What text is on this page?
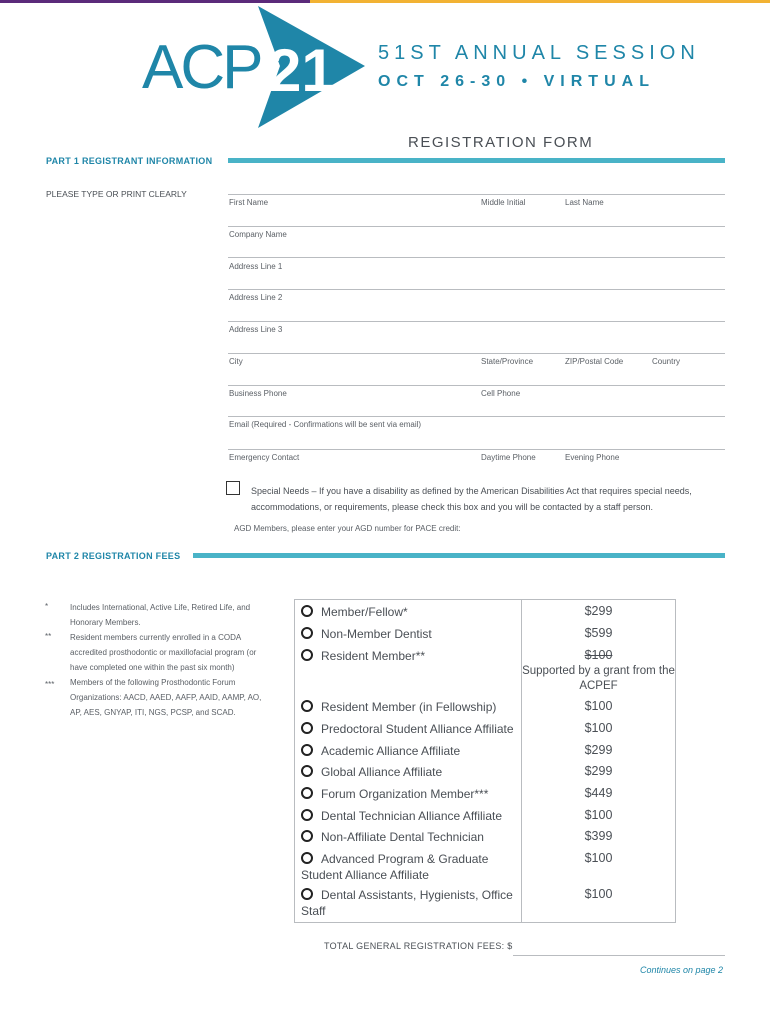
ACP 21 51ST ANNUAL SESSION
OCT 26-30 • VIRTUAL
REGISTRATION FORM
PART 1 REGISTRANT INFORMATION
PLEASE TYPE OR PRINT CLEARLY
First Name	Middle Initial	Last Name
Company Name
Address Line 1
Address Line 2
Address Line 3
City	State/Province	ZIP/Postal Code	Country
Business Phone	Cell Phone
Email (Required - Confirmations will be sent via email)
Emergency Contact	Daytime Phone	Evening Phone
Special Needs – If you have a disability as defined by the American Disabilities Act that requires special needs, accommodations, or requirements, please check this box and you will be contacted by a staff person.
AGD Members, please enter your AGD number for PACE credit:
PART 2 REGISTRATION FEES
*	Includes International, Active Life, Retired Life, and Honorary Members.
** Resident members currently enrolled in a CODA accredited prosthodontic or maxillofacial program (or have completed one within the past six month)
*** Members of the following Prosthodontic Forum Organizations: AACD, AAED, AAFP, AAID, AAMP, AO, AP, AES, GNYAP, ITI, NGS, PCSP, and SCAD.
Member/Fellow*	$299
Non-Member Dentist	$599
Resident Member**	$100
Supported by a grant from the ACPEF
Resident Member (in Fellowship)	$100
Predoctoral Student Alliance Affiliate	$100
Academic Alliance Affiliate	$299
Global Alliance Affiliate	$299
Forum Organization Member***	$449
Dental Technician Alliance Affiliate	$100
Non-Affiliate Dental Technician	$399
Advanced Program & Graduate Student Alliance Affiliate
$100
Dental Assistants, Hygienists, Office Staff
$100
TOTAL GENERAL REGISTRATION FEES: $
Continues on page 2
